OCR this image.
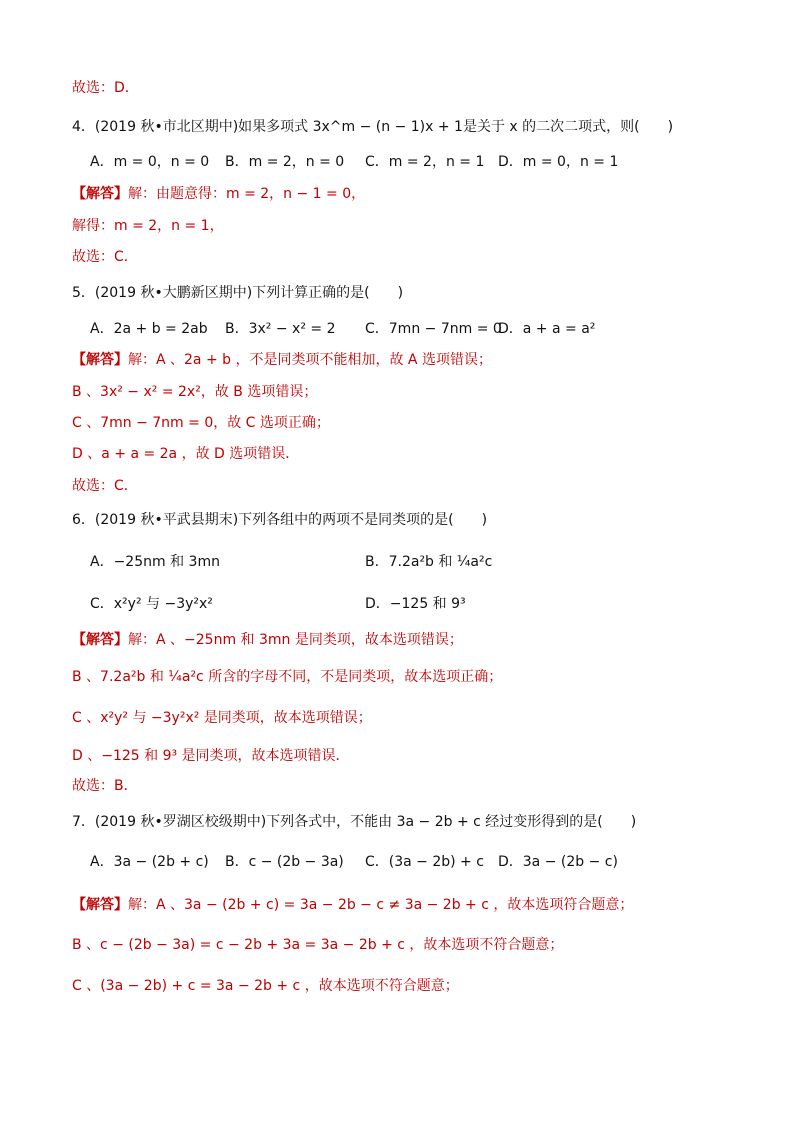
故选：D．
4．(2019 秋•市北区期中)如果多项式 3x^m − (n − 1)x + 1是关于 x 的二次二项式，则(　　)
A．m = 0，n = 0 B．m = 2，n = 0 C．m = 2，n = 1 D．m = 0，n = 1
【解答】解：由题意得：m = 2，n − 1 = 0，
解得：m = 2，n = 1，
故选：C．
5．(2019 秋•大鹏新区期中)下列计算正确的是(　　)
A．2a + b = 2ab B．3x² − x² = 2 C．7mn − 7nm = 0
D．a + a = a²
【解答】解：A 、2a + b ，不是同类项不能相加，故 A 选项错误；
B 、3x² − x² = 2x²，故 B 选项错误；
C 、7mn − 7nm = 0，故 C 选项正确；
D 、a + a = 2a ，故 D 选项错误．
故选：C．
6．(2019 秋•平武县期末)下列各组中的两项不是同类项的是(　　)
A．−25nm 和 3mn	B．7.2a²b 和 ¼a²c
C．x²y² 与 −3y²x²	D．−125 和 9³
【解答】解：A 、−25nm 和 3mn 是同类项，故本选项错误；
B 、7.2a²b 和 ¼a²c 所含的字母不同，不是同类项，故本选项正确；
C 、x²y² 与 −3y²x² 是同类项，故本选项错误；
D 、−125 和 9³ 是同类项，故本选项错误．
故选：B．
7．(2019 秋•罗湖区校级期中)下列各式中，不能由 3a − 2b + c 经过变形得到的是(　　)
A．3a − (2b + c) B．c − (2b − 3a) C．(3a − 2b) + c D．3a − (2b − c)
【解答】解：A 、3a − (2b + c) = 3a − 2b − c ≠ 3a − 2b + c ，故本选项符合题意；
B 、c − (2b − 3a) = c − 2b + 3a = 3a − 2b + c ，故本选项不符合题意；
C 、(3a − 2b) + c = 3a − 2b + c ，故本选项不符合题意；
